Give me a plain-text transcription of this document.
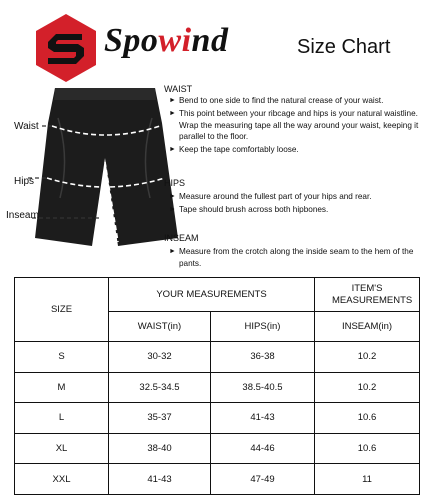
Spowind	Size Chart
Waist
Hips
Inseam
WAIST
► Bend to one side to find the natural crease of your waist.
► This point between your ribcage and hips is your natural waistline. Wrap the measuring tape all the way around your waist, keeping it parallel to the floor.
► Keep the tape comfortably loose.
HIPS
► Measure around the fullest part of your hips and rear.
► Tape should brush across both hipbones.
INSEAM
► Measure from the crotch along the inside seam to the hem of the pants.
SIZE	YOUR MEASUREMENTS		ITEM'S MEASUREMENTS
	WAIST(in)	HIPS(in)	INSEAM(in)
S	30-32	36-38	10.2
M	32.5-34.5	38.5-40.5	10.2
L	35-37	41-43	10.6
XL	38-40	44-46	10.6
XXL	41-43	47-49	11
